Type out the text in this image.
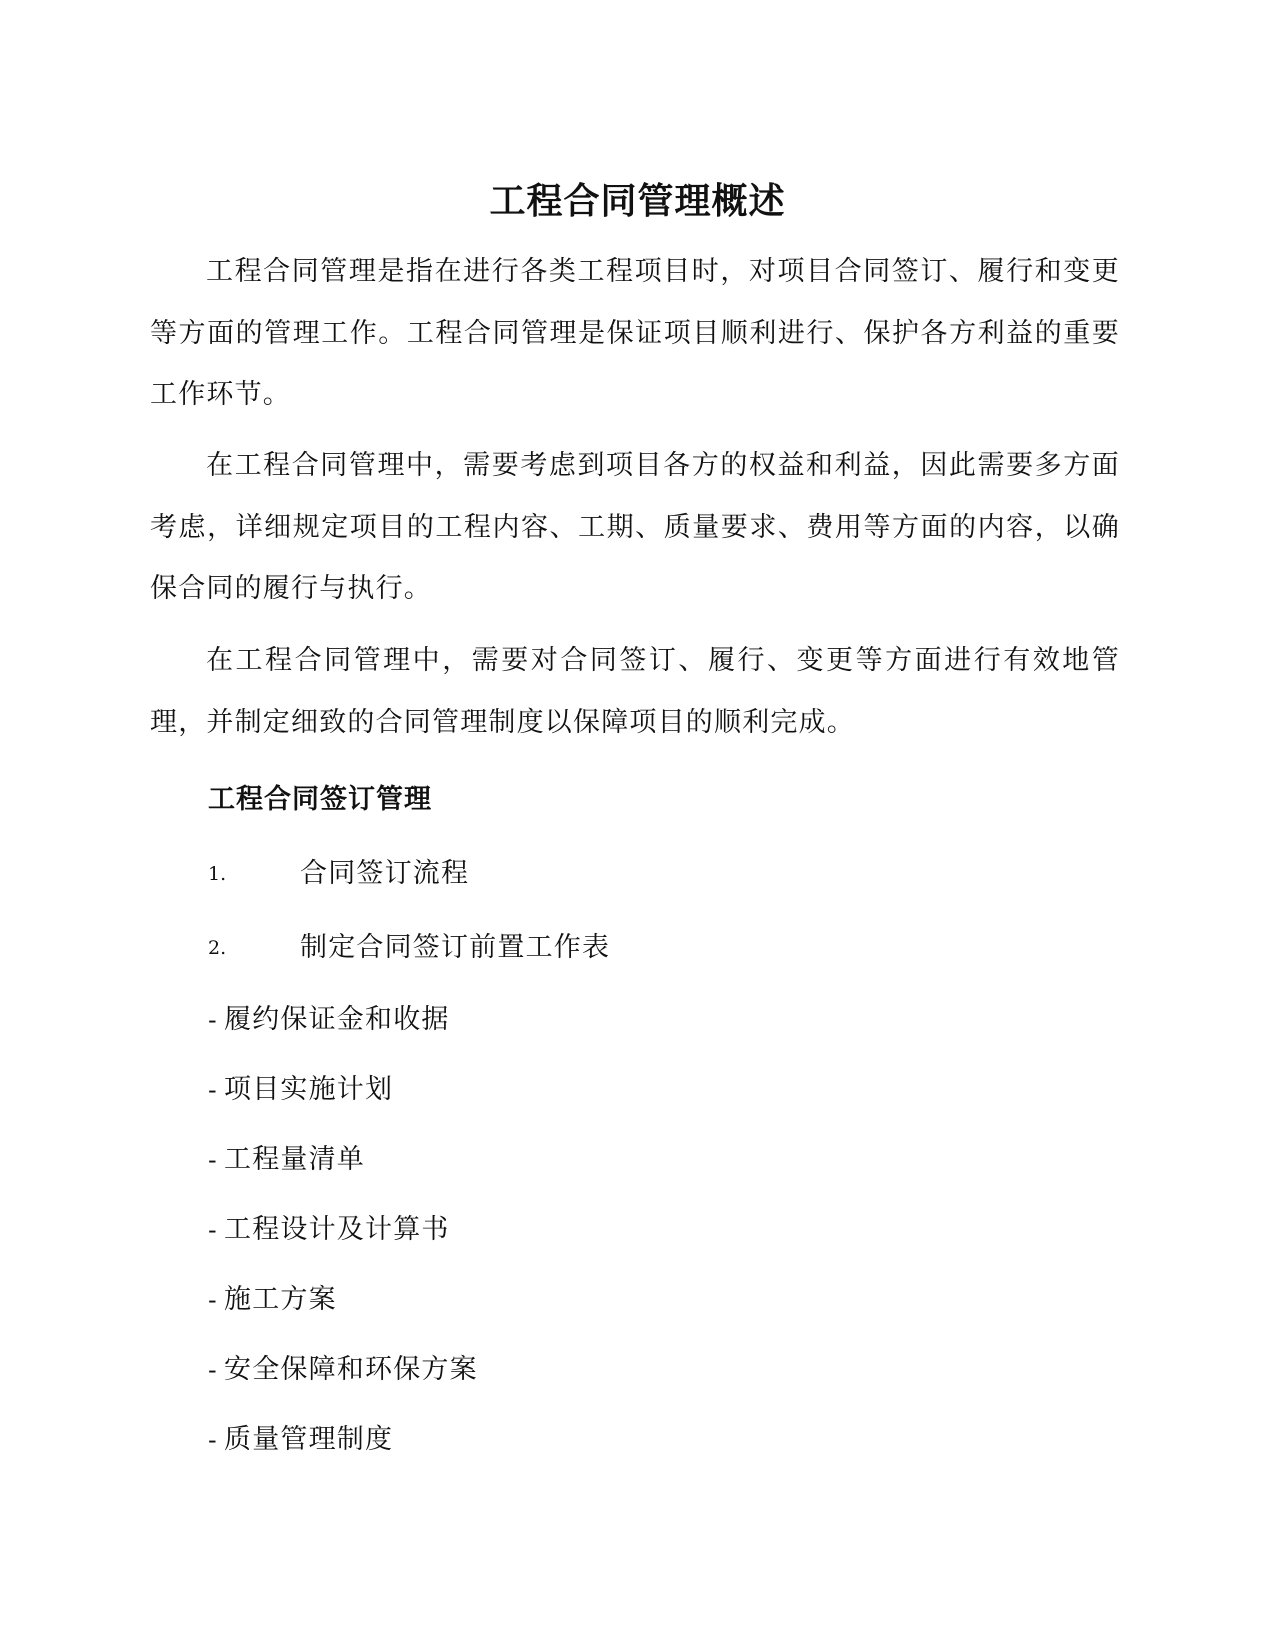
工程合同管理概述

工程合同管理是指在进行各类工程项目时，对项目合同签订、履行和变更等方面的管理工作。工程合同管理是保证项目顺利进行、保护各方利益的重要工作环节。

在工程合同管理中，需要考虑到项目各方的权益和利益，因此需要多方面考虑，详细规定项目的工程内容、工期、质量要求、费用等方面的内容，以确保合同的履行与执行。

在工程合同管理中，需要对合同签订、履行、变更等方面进行有效地管理，并制定细致的合同管理制度以保障项目的顺利完成。

工程合同签订管理
1.	合同签订流程
2.	制定合同签订前置工作表
- 履约保证金和收据
- 项目实施计划
- 工程量清单
- 工程设计及计算书
- 施工方案
- 安全保障和环保方案
- 质量管理制度
